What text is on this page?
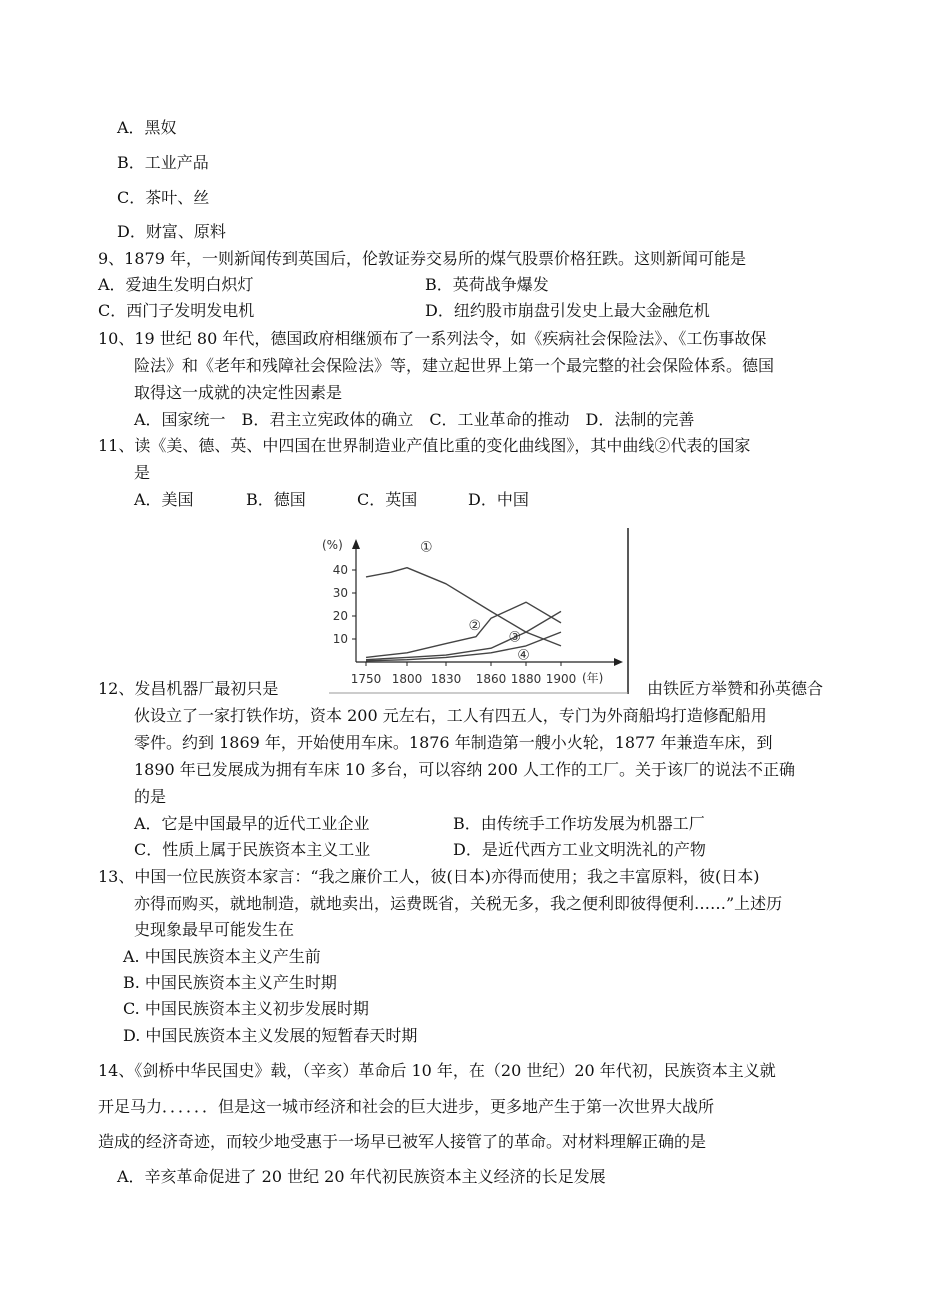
A．黑奴
B．工业产品
C．茶叶、丝
D．财富、原料
9、1879 年，一则新闻传到英国后，伦敦证券交易所的煤气股票价格狂跌。这则新闻可能是
A．爱迪生发明白炽灯	B．英荷战争爆发
C．西门子发明发电机	D．纽约股市崩盘引发史上最大金融危机
10、19 世纪 80 年代，德国政府相继颁布了一系列法令，如《疾病社会保险法》、《工伤事故保
险法》和《老年和残障社会保险法》等，建立起世界上第一个最完整的社会保险体系。德国
取得这一成就的决定性因素是
A．国家统一　B．君主立宪政体的确立　C．工业革命的推动　D．法制的完善
11、读《美、德、英、中四国在世界制造业产值比重的变化曲线图》，其中曲线②代表的国家
是
A．美国	B．德国	C．英国	D．中国
(%)
(年)
1750 1800 1830 1860 1880 1900
10
20
30
40
①
②
③
④
12、发昌机器厂最初只是	由铁匠方举赞和孙英德合
伙设立了一家打铁作坊，资本 200 元左右，工人有四五人，专门为外商船坞打造修配船用
零件。约到 1869 年，开始使用车床。1876 年制造第一艘小火轮，1877 年兼造车床，到
1890 年已发展成为拥有车床 10 多台，可以容纳 200 人工作的工厂。关于该厂的说法不正确
的是
A．它是中国最早的近代工业企业	B．由传统手工作坊发展为机器工厂
C．性质上属于民族资本主义工业	D．是近代西方工业文明洗礼的产物
13、中国一位民族资本家言：“我之廉价工人，彼(日本)亦得而使用；我之丰富原料，彼(日本)
亦得而购买，就地制造，就地卖出，运费既省，关税无多，我之便利即彼得便利……”上述历
史现象最早可能发生在
A. 中国民族资本主义产生前
B. 中国民族资本主义产生时期
C. 中国民族资本主义初步发展时期
D. 中国民族资本主义发展的短暂春天时期
14、《剑桥中华民国史》载，（辛亥）革命后 10 年，在（20 世纪）20 年代初，民族资本主义就
开足马力．．．．．．但是这一城市经济和社会的巨大进步，更多地产生于第一次世界大战所
造成的经济奇迹，而较少地受惠于一场早已被军人接管了的革命。对材料理解正确的是
A．辛亥革命促进了 20 世纪 20 年代初民族资本主义经济的长足发展
